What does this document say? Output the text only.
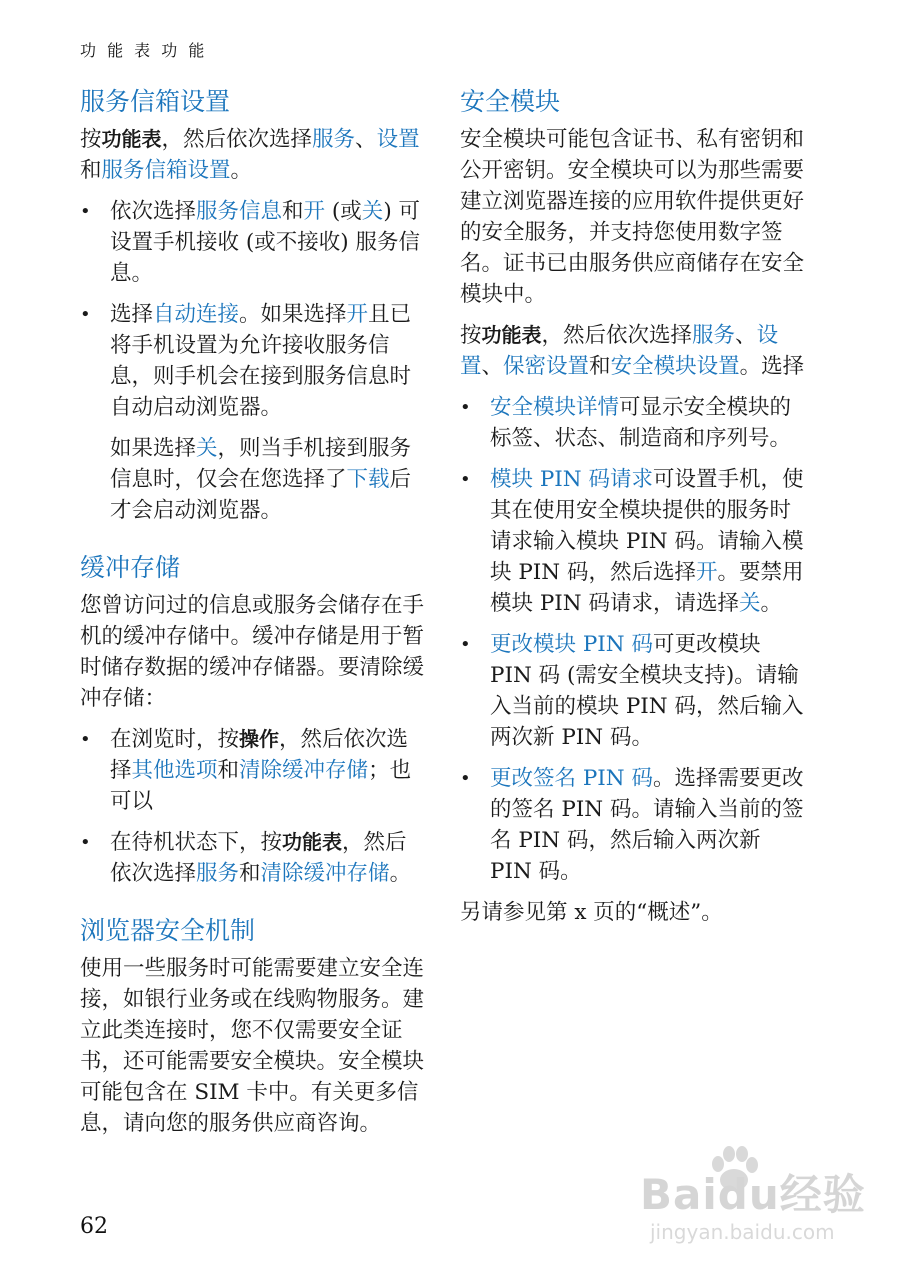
功 能 表 功 能
服务信箱设置

按功能表，然后依次选择服务、设置和服务信箱设置。

• 依次选择服务信息和开 (或关) 可设置手机接收 (或不接收) 服务信息。
• 选择自动连接。如果选择开且已将手机设置为允许接收服务信息，则手机会在接到服务信息时自动启动浏览器。

如果选择关，则当手机接到服务信息时，仅会在您选择了下载后才会启动浏览器。

缓冲存储

您曾访问过的信息或服务会储存在手机的缓冲存储中。缓冲存储是用于暂时储存数据的缓冲存储器。要清除缓冲存储：

• 在浏览时，按操作，然后依次选择其他选项和清除缓冲存储；也可以
• 在待机状态下，按功能表，然后依次选择服务和清除缓冲存储。
浏览器安全机制

使用一些服务时可能需要建立安全连接，如银行业务或在线购物服务。建立此类连接时，您不仅需要安全证书，还可能需要安全模块。安全模块可能包含在 SIM 卡中。有关更多信息，请向您的服务供应商咨询。

安全模块

安全模块可能包含证书、私有密钥和公开密钥。安全模块可以为那些需要建立浏览器连接的应用软件提供更好的安全服务，并支持您使用数字签名。证书已由服务供应商储存在安全模块中。

按功能表，然后依次选择服务、设置、保密设置和安全模块设置。选择

• 安全模块详情可显示安全模块的标签、状态、制造商和序列号。
• 模块 PIN 码请求可设置手机，使其在使用安全模块提供的服务时请求输入模块 PIN 码。请输入模块 PIN 码，然后选择开。要禁用模块 PIN 码请求，请选择关。
• 更改模块 PIN 码可更改模块 PIN 码 (需安全模块支持)。请输入当前的模块 PIN 码，然后输入两次新 PIN 码。
• 更改签名 PIN 码。选择需要更改的签名 PIN 码。请输入当前的签名 PIN 码，然后输入两次新 PIN 码。

另请参见第 x 页的“概述”。

62
Baidu经验
jingyan.baidu.com
